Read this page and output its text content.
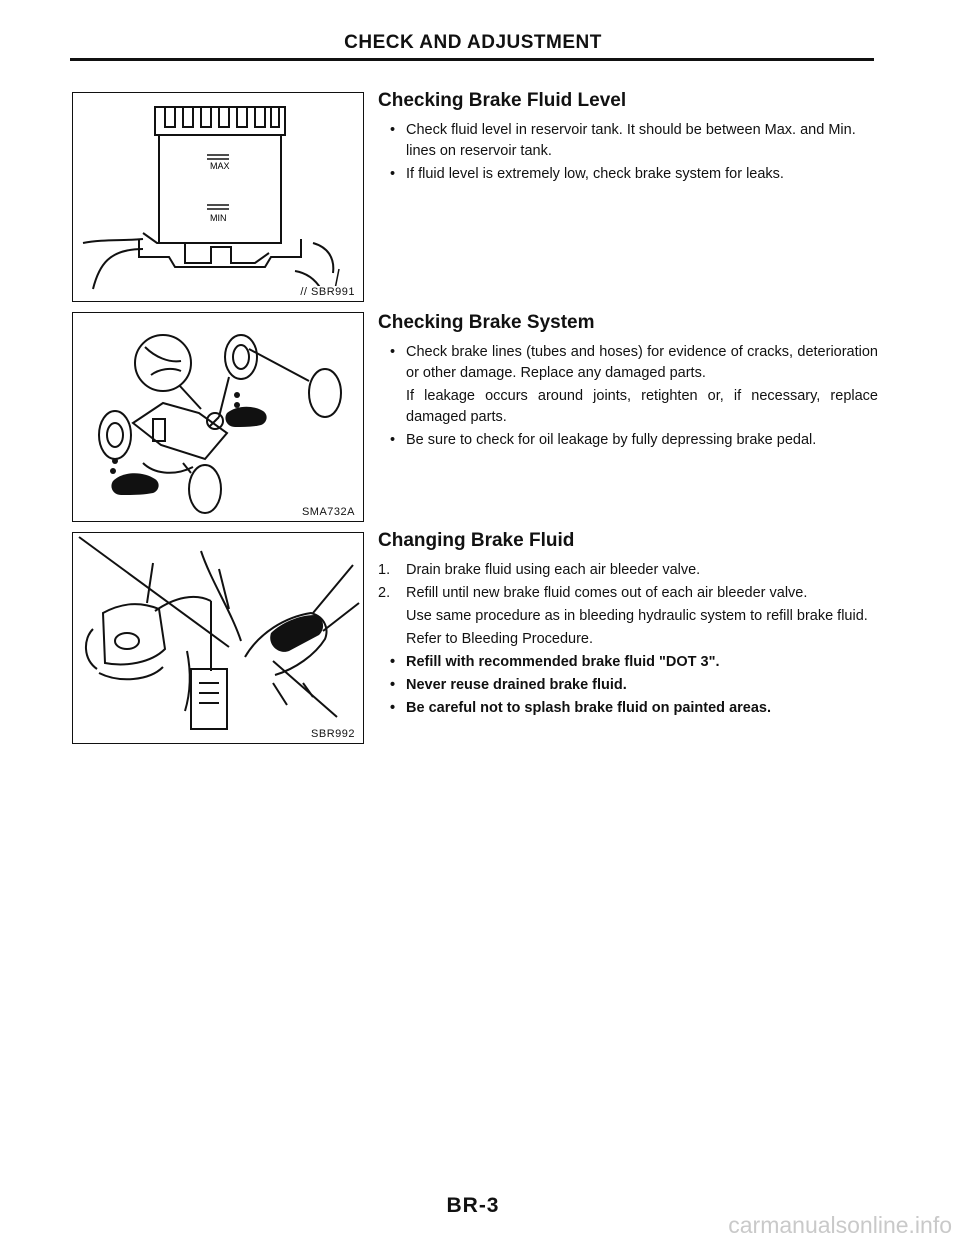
CHECK AND ADJUSTMENT
MAX
MIN
// SBR991
SMA732A
SBR992
Checking Brake Fluid Level
• Check fluid level in reservoir tank. It should be between Max. and Min. lines on reservoir tank.
• If fluid level is extremely low, check brake system for leaks.
Checking Brake System
• Check brake lines (tubes and hoses) for evidence of cracks, deterioration or other damage. Replace any damaged parts.
If leakage occurs around joints, retighten or, if necessary, replace damaged parts.
• Be sure to check for oil leakage by fully depressing brake pedal.
Changing Brake Fluid
1. Drain brake fluid using each air bleeder valve.
2. Refill until new brake fluid comes out of each air bleeder valve.
Use same procedure as in bleeding hydraulic system to refill brake fluid.
Refer to Bleeding Procedure.
• Refill with recommended brake fluid "DOT 3".
• Never reuse drained brake fluid.
• Be careful not to splash brake fluid on painted areas.
BR-3
carmanualsonline.info
